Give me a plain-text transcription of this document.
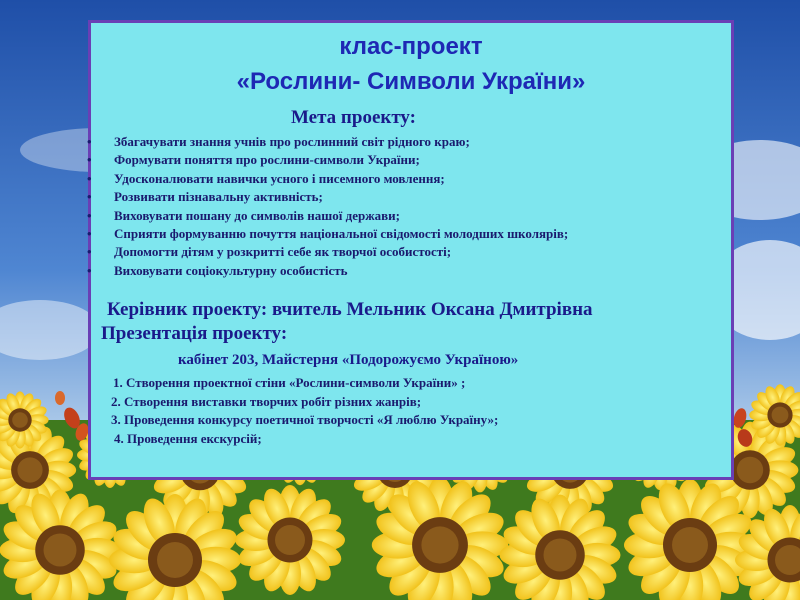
клас-проект
«Рослини- Символи України»
Мета проекту:
• Збагачувати знання учнів про рослинний світ рідного краю;
• Формувати поняття про рослини-символи України;
• Удосконалювати навички усного і писемного мовлення;
• Розвивати пізнавальну активність;
• Виховувати пошану до символів нашої держави;
• Сприяти формуванню почуття національної свідомості молодших школярів;
• Допомогти дітям у розкритті себе як творчої особистості;
• Виховувати соціокультурну особистість
Керівник проекту: вчитель Мельник Оксана Дмитрівна
Презентація проекту:
кабінет 203, Майстерня «Подорожуємо Україною»
1. Створення проектної стіни «Рослини-символи України» ;
2. Створення виставки творчих робіт різних жанрів;
3. Проведення конкурсу поетичної творчості «Я люблю Україну»;
4. Проведення екскурсій;
